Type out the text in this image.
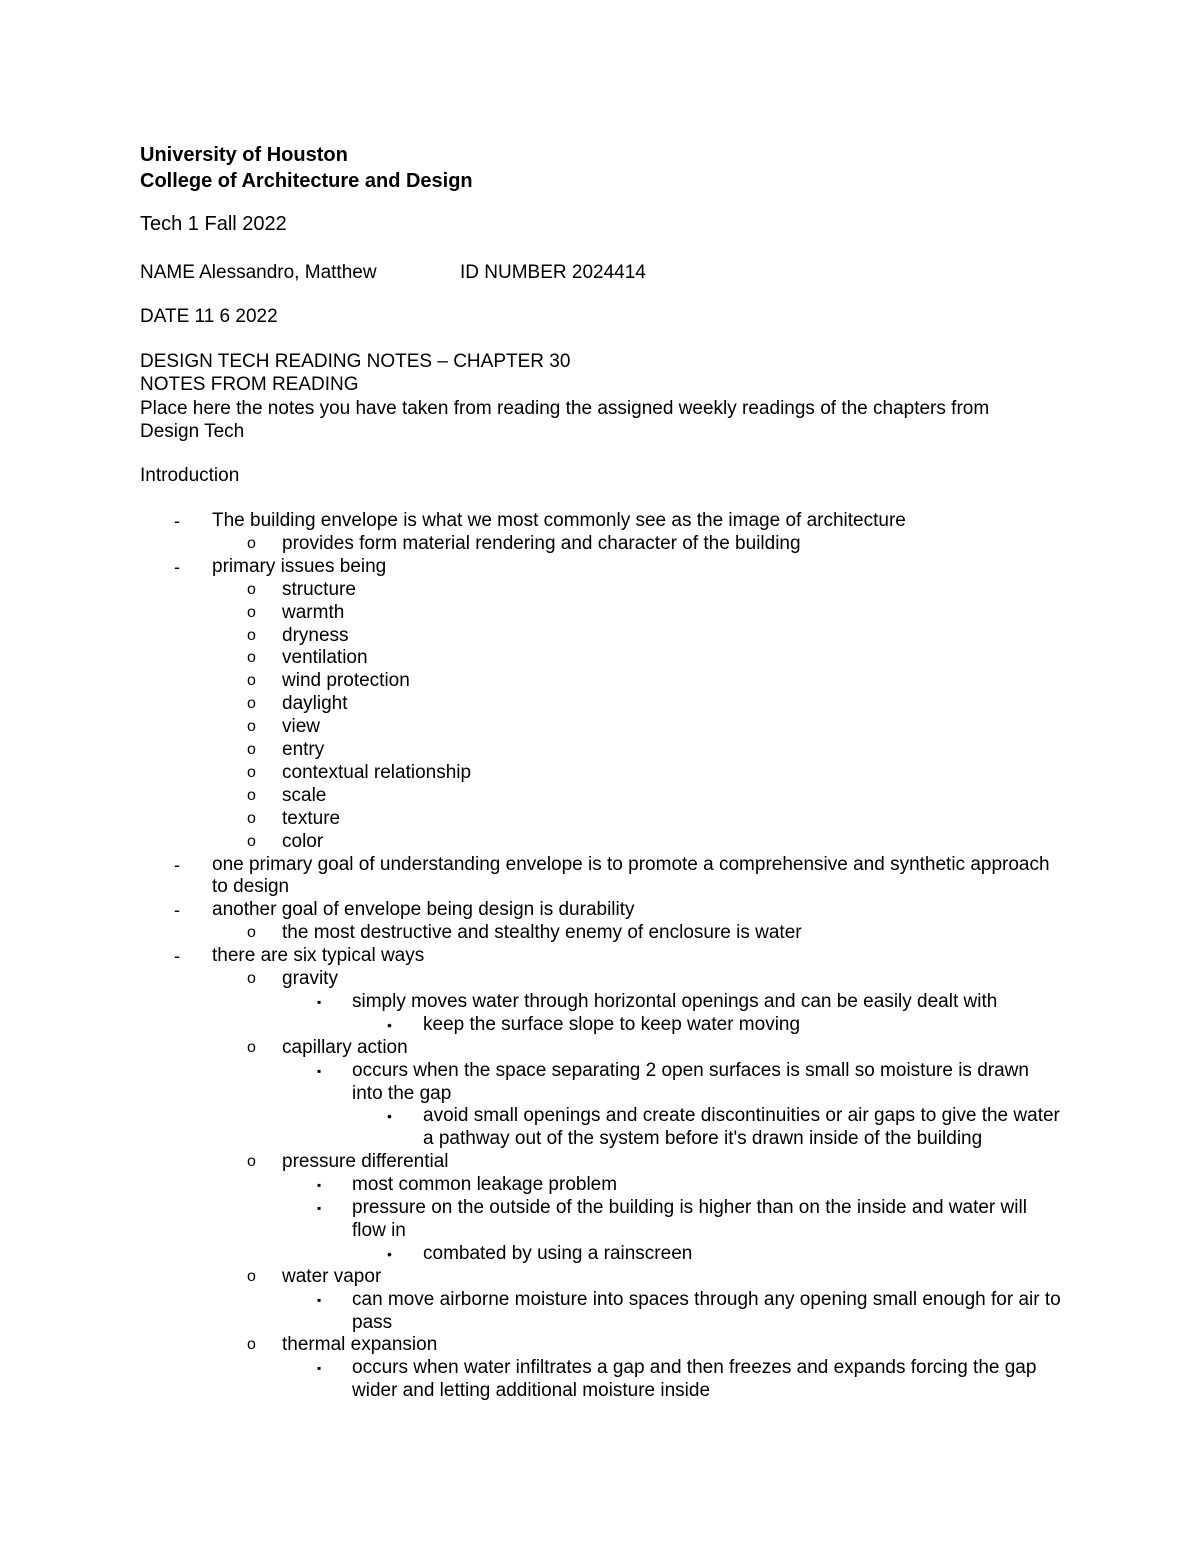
University of Houston
College of Architecture and Design
Tech 1 Fall 2022
NAME Alessandro, Matthew	ID NUMBER 2024414
DATE 11 6 2022
DESIGN TECH READING NOTES – CHAPTER 30
NOTES FROM READING
Place here the notes you have taken from reading the assigned weekly readings of the chapters from Design Tech
Introduction
- The building envelope is what we most commonly see as the image of architecture
o provides form material rendering and character of the building
- primary issues being
o structure
o warmth
o dryness
o ventilation
o wind protection
o daylight
o view
o entry
o contextual relationship
o scale
o texture
o color
- one primary goal of understanding envelope is to promote a comprehensive and synthetic approach to design
- another goal of envelope being design is durability
o the most destructive and stealthy enemy of enclosure is water
- there are six typical ways
o gravity
▪ simply moves water through horizontal openings and can be easily dealt with
• keep the surface slope to keep water moving
o capillary action
▪ occurs when the space separating 2 open surfaces is small so moisture is drawn into the gap
• avoid small openings and create discontinuities or air gaps to give the water a pathway out of the system before it's drawn inside of the building
o pressure differential
▪ most common leakage problem
▪ pressure on the outside of the building is higher than on the inside and water will flow in
• combated by using a rainscreen
o water vapor
▪ can move airborne moisture into spaces through any opening small enough for air to pass
o thermal expansion
▪ occurs when water infiltrates a gap and then freezes and expands forcing the gap wider and letting additional moisture inside
